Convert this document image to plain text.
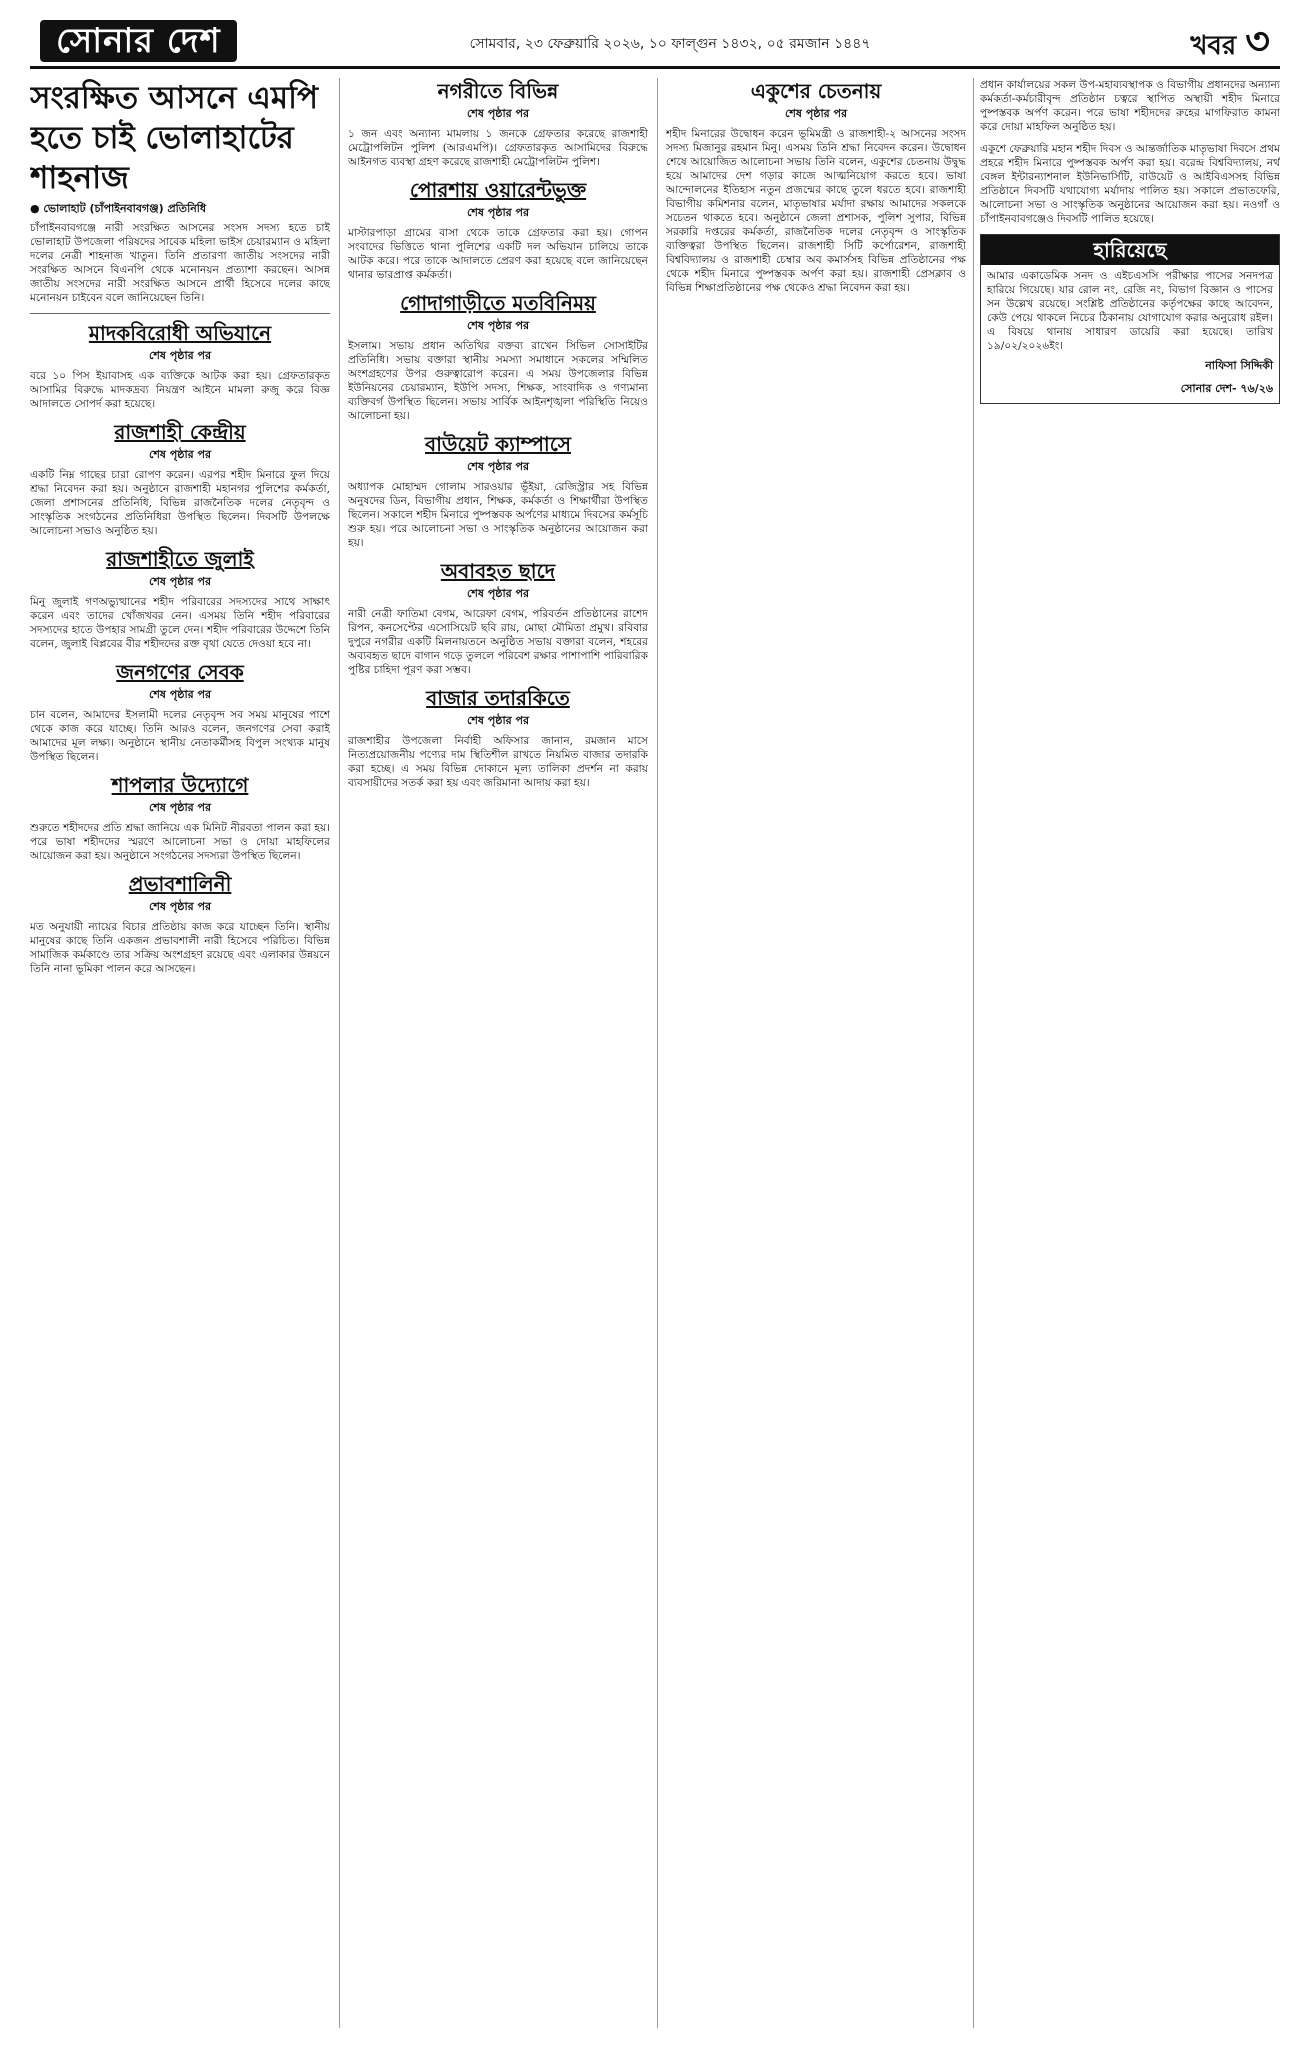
সোনার দেশ	সোমবার, ২৩ ফেব্রুয়ারি ২০২৬, ১০ ফাল্গুন ১৪৩২, ০৫ রমজান ১৪৪৭	খবর ৩
সংরক্ষিত আসনে এমপি হতে চাই ভোলাহাটের শাহনাজ
● ভোলাহাট (চাঁপাইনবাবগঞ্জ) প্রতিনিধি

চাঁপাইনবাবগঞ্জে নারী সংরক্ষিত আসনের সংসদ সদস্য হতে চাই ভোলাহাট উপজেলা পরিষদের সাবেক মহিলা ভাইস চেয়ারম্যান ও মহিলা দলের নেত্রী শাহনাজ খাতুন। তিনি প্রতারণা জাতীয় সংসদের নারী সংরক্ষিত আসনে বিএনপি থেকে মনোনয়ন প্রত্যাশা করছেন। আসন্ন জাতীয় সংসদের নারী সংরক্ষিত আসনে প্রার্থী হিসেবে দলের কাছে মনোনয়ন চাইবেন বলে জানিয়েছেন তিনি।

মাদকবিরোধী অভিযানে
শেষ পৃষ্ঠার পর

বরে ১০ পিস ইয়াবাসহ এক ব্যক্তিকে আটক করা হয়। গ্রেফতারকৃত আসামির বিরুদ্ধে মাদকদ্রব্য নিয়ন্ত্রণ আইনে মামলা রুজু করে বিজ্ঞ আদালতে সোপর্দ করা হয়েছে।

রাজশাহী কেন্দ্রীয়
শেষ পৃষ্ঠার পর

একটি নিম্ন গাছের চারা রোপণ করেন। এরপর শহীদ মিনারে ফুল দিয়ে শ্রদ্ধা নিবেদন করা হয়। অনুষ্ঠানে রাজশাহী মহানগর পুলিশের কর্মকর্তা, জেলা প্রশাসনের প্রতিনিধি, বিভিন্ন রাজনৈতিক দলের নেতৃবৃন্দ ও সাংস্কৃতিক সংগঠনের প্রতিনিধিরা উপস্থিত ছিলেন। দিবসটি উপলক্ষে আলোচনা সভাও অনুষ্ঠিত হয়।

রাজশাহীতে জুলাই
শেষ পৃষ্ঠার পর

মিনু জুলাই গণঅভ্যুত্থানের শহীদ পরিবারের সদস্যদের সাথে সাক্ষাৎ করেন এবং তাদের খোঁজখবর নেন। এসময় তিনি শহীদ পরিবারের সদস্যদের হাতে উপহার সামগ্রী তুলে দেন। শহীদ পরিবারের উদ্দেশে তিনি বলেন, জুলাই বিপ্লবের বীর শহীদদের রক্ত বৃথা যেতে দেওয়া হবে না।

জনগণের সেবক
শেষ পৃষ্ঠার পর

চান বলেন, আমাদের ইসলামী দলের নেতৃবৃন্দ সব সময় মানুষের পাশে থেকে কাজ করে যাচ্ছে। তিনি আরও বলেন, জনগণের সেবা করাই আমাদের মূল লক্ষ্য। অনুষ্ঠানে স্থানীয় নেতাকর্মীসহ বিপুল সংখ্যক মানুষ উপস্থিত ছিলেন।

শাপলার উদ্যোগে
শেষ পৃষ্ঠার পর

শুরুতে শহীদদের প্রতি শ্রদ্ধা জানিয়ে এক মিনিট নীরবতা পালন করা হয়। পরে ভাষা শহীদদের স্মরণে আলোচনা সভা ও দোয়া মাহফিলের আয়োজন করা হয়। অনুষ্ঠানে সংগঠনের সদস্যরা উপস্থিত ছিলেন।

প্রভাবশালিনী
শেষ পৃষ্ঠার পর

মত অনুযায়ী ন্যায়ের বিচার প্রতিষ্ঠায় কাজ করে যাচ্ছেন তিনি। স্থানীয় মানুষের কাছে তিনি একজন প্রভাবশালী নারী হিসেবে পরিচিত। বিভিন্ন সামাজিক কর্মকাণ্ডে তার সক্রিয় অংশগ্রহণ রয়েছে এবং এলাকার উন্নয়নে তিনি নানা ভূমিকা পালন করে আসছেন।

নগরীতে বিভিন্ন
শেষ পৃষ্ঠার পর

১ জন এবং অন্যান্য মামলায় ১ জনকে গ্রেফতার করেছে রাজশাহী মেট্রোপলিটন পুলিশ (আরএমপি)। গ্রেফতারকৃত আসামিদের বিরুদ্ধে আইনগত ব্যবস্থা গ্রহণ করেছে রাজশাহী মেট্রোপলিটন পুলিশ।

পোরশায় ওয়ারেন্টভুক্ত
শেষ পৃষ্ঠার পর

মাস্টারপাড়া গ্রামের বাসা থেকে তাকে গ্রেফতার করা হয়। গোপন সংবাদের ভিত্তিতে থানা পুলিশের একটি দল অভিযান চালিয়ে তাকে আটক করে। পরে তাকে আদালতে প্রেরণ করা হয়েছে বলে জানিয়েছেন থানার ভারপ্রাপ্ত কর্মকর্তা।

গোদাগাড়ীতে মতবিনিময়
শেষ পৃষ্ঠার পর

ইসলাম। সভায় প্রধান অতিথির বক্তব্য রাখেন সিভিল সোসাইটির প্রতিনিধি। সভায় বক্তারা স্থানীয় সমস্যা সমাধানে সকলের সম্মিলিত অংশগ্রহণের উপর গুরুত্বারোপ করেন। এ সময় উপজেলার বিভিন্ন ইউনিয়নের চেয়ারম্যান, ইউপি সদস্য, শিক্ষক, সাংবাদিক ও গণ্যমান্য ব্যক্তিবর্গ উপস্থিত ছিলেন। সভায় সার্বিক আইনশৃঙ্খলা পরিস্থিতি নিয়েও আলোচনা হয়।

বাউয়েট ক্যাম্পাসে
শেষ পৃষ্ঠার পর

অধ্যাপক মোহাম্মদ গোলাম সারওয়ার ভূঁইয়া, রেজিস্ট্রার সহ বিভিন্ন অনুষদের ডিন, বিভাগীয় প্রধান, শিক্ষক, কর্মকর্তা ও শিক্ষার্থীরা উপস্থিত ছিলেন। সকালে শহীদ মিনারে পুষ্পস্তবক অর্পণের মাধ্যমে দিবসের কর্মসূচি শুরু হয়। পরে আলোচনা সভা ও সাংস্কৃতিক অনুষ্ঠানের আয়োজন করা হয়।

অবাবহত ছাদে
শেষ পৃষ্ঠার পর

নারী নেত্রী ফাতিমা বেগম, আরেফা বেগম, পরিবর্তন প্রতিষ্ঠানের রাশেদ রিপন, কনসেপ্টের এসোসিয়েট ছবি রায়, মোছা মৌমিতা প্রমুখ। রবিবার দুপুরে নগরীর একটি মিলনায়তনে অনুষ্ঠিত সভায় বক্তারা বলেন, শহরের অব্যবহৃত ছাদে বাগান গড়ে তুললে পরিবেশ রক্ষার পাশাপাশি পারিবারিক পুষ্টির চাহিদা পূরণ করা সম্ভব।

বাজার তদারকিতে
শেষ পৃষ্ঠার পর

রাজশাহীর উপজেলা নির্বাহী অফিসার জানান, রমজান মাসে নিত্যপ্রয়োজনীয় পণ্যের দাম স্থিতিশীল রাখতে নিয়মিত বাজার তদারকি করা হচ্ছে। এ সময় বিভিন্ন দোকানে মূল্য তালিকা প্রদর্শন না করায় ব্যবসায়ীদের সতর্ক করা হয় এবং জরিমানা আদায় করা হয়।

একুশের চেতনায়
শেষ পৃষ্ঠার পর

শহীদ মিনারের উদ্বোধন করেন ভূমিমন্ত্রী ও রাজশাহী-২ আসনের সংসদ সদস্য মিজানুর রহমান মিনু। এসময় তিনি শ্রদ্ধা নিবেদন করেন। উদ্বোধন শেষে আয়োজিত আলোচনা সভায় তিনি বলেন, একুশের চেতনায় উদ্বুদ্ধ হয়ে আমাদের দেশ গড়ার কাজে আত্মনিয়োগ করতে হবে। ভাষা আন্দোলনের ইতিহাস নতুন প্রজন্মের কাছে তুলে ধরতে হবে। রাজশাহী বিভাগীয় কমিশনার বলেন, মাতৃভাষার মর্যাদা রক্ষায় আমাদের সকলকে সচেতন থাকতে হবে। অনুষ্ঠানে জেলা প্রশাসক, পুলিশ সুপার, বিভিন্ন সরকারি দপ্তরের কর্মকর্তা, রাজনৈতিক দলের নেতৃবৃন্দ ও সাংস্কৃতিক ব্যক্তিত্বরা উপস্থিত ছিলেন। রাজশাহী সিটি কর্পোরেশন, রাজশাহী বিশ্ববিদ্যালয় ও রাজশাহী চেম্বার অব কমার্সসহ বিভিন্ন প্রতিষ্ঠানের পক্ষ থেকে শহীদ মিনারে পুষ্পস্তবক অর্পণ করা হয়। রাজশাহী প্রেসক্লাব ও বিভিন্ন শিক্ষাপ্রতিষ্ঠানের পক্ষ থেকেও শ্রদ্ধা নিবেদন করা হয়।

প্রধান কার্যালয়ের সকল উপ-মহাব্যবস্থাপক ও বিভাগীয় প্রধানদের অন্যান্য কর্মকর্তা-কর্মচারীবৃন্দ প্রতিষ্ঠান চত্বরে স্থাপিত অস্থায়ী শহীদ মিনারে পুষ্পস্তবক অর্পণ করেন। পরে ভাষা শহীদদের রুহের মাগফিরাত কামনা করে দোয়া মাহফিল অনুষ্ঠিত হয়।

একুশে ফেব্রুয়ারি মহান শহীদ দিবস ও আন্তর্জাতিক মাতৃভাষা দিবসে প্রথম প্রহরে শহীদ মিনারে পুষ্পস্তবক অর্পণ করা হয়। বরেন্দ্র বিশ্ববিদ্যালয়, নর্থ বেঙ্গল ইন্টারন্যাশনাল ইউনিভার্সিটি, বাউয়েট ও আইবিএসসহ বিভিন্ন প্রতিষ্ঠানে দিবসটি যথাযোগ্য মর্যাদায় পালিত হয়। সকালে প্রভাতফেরি, আলোচনা সভা ও সাংস্কৃতিক অনুষ্ঠানের আয়োজন করা হয়। নওগাঁ ও চাঁপাইনবাবগঞ্জেও দিবসটি পালিত হয়েছে।

হারিয়েছে

আমার একাডেমিক সনদ ও এইচএসসি পরীক্ষার পাসের সনদপত্র হারিয়ে গিয়েছে। যার রোল নং, রেজি নং, বিভাগ বিজ্ঞান ও পাসের সন উল্লেখ রয়েছে। সংশ্লিষ্ট প্রতিষ্ঠানের কর্তৃপক্ষের কাছে আবেদন, কেউ পেয়ে থাকলে নিচের ঠিকানায় যোগাযোগ করার অনুরোধ রইল। এ বিষয়ে থানায় সাধারণ ডায়েরি করা হয়েছে। তারিখ ১৯/০২/২০২৬ইং।

নাফিসা সিদ্দিকী
সোনার দেশ- ৭৬/২৬
